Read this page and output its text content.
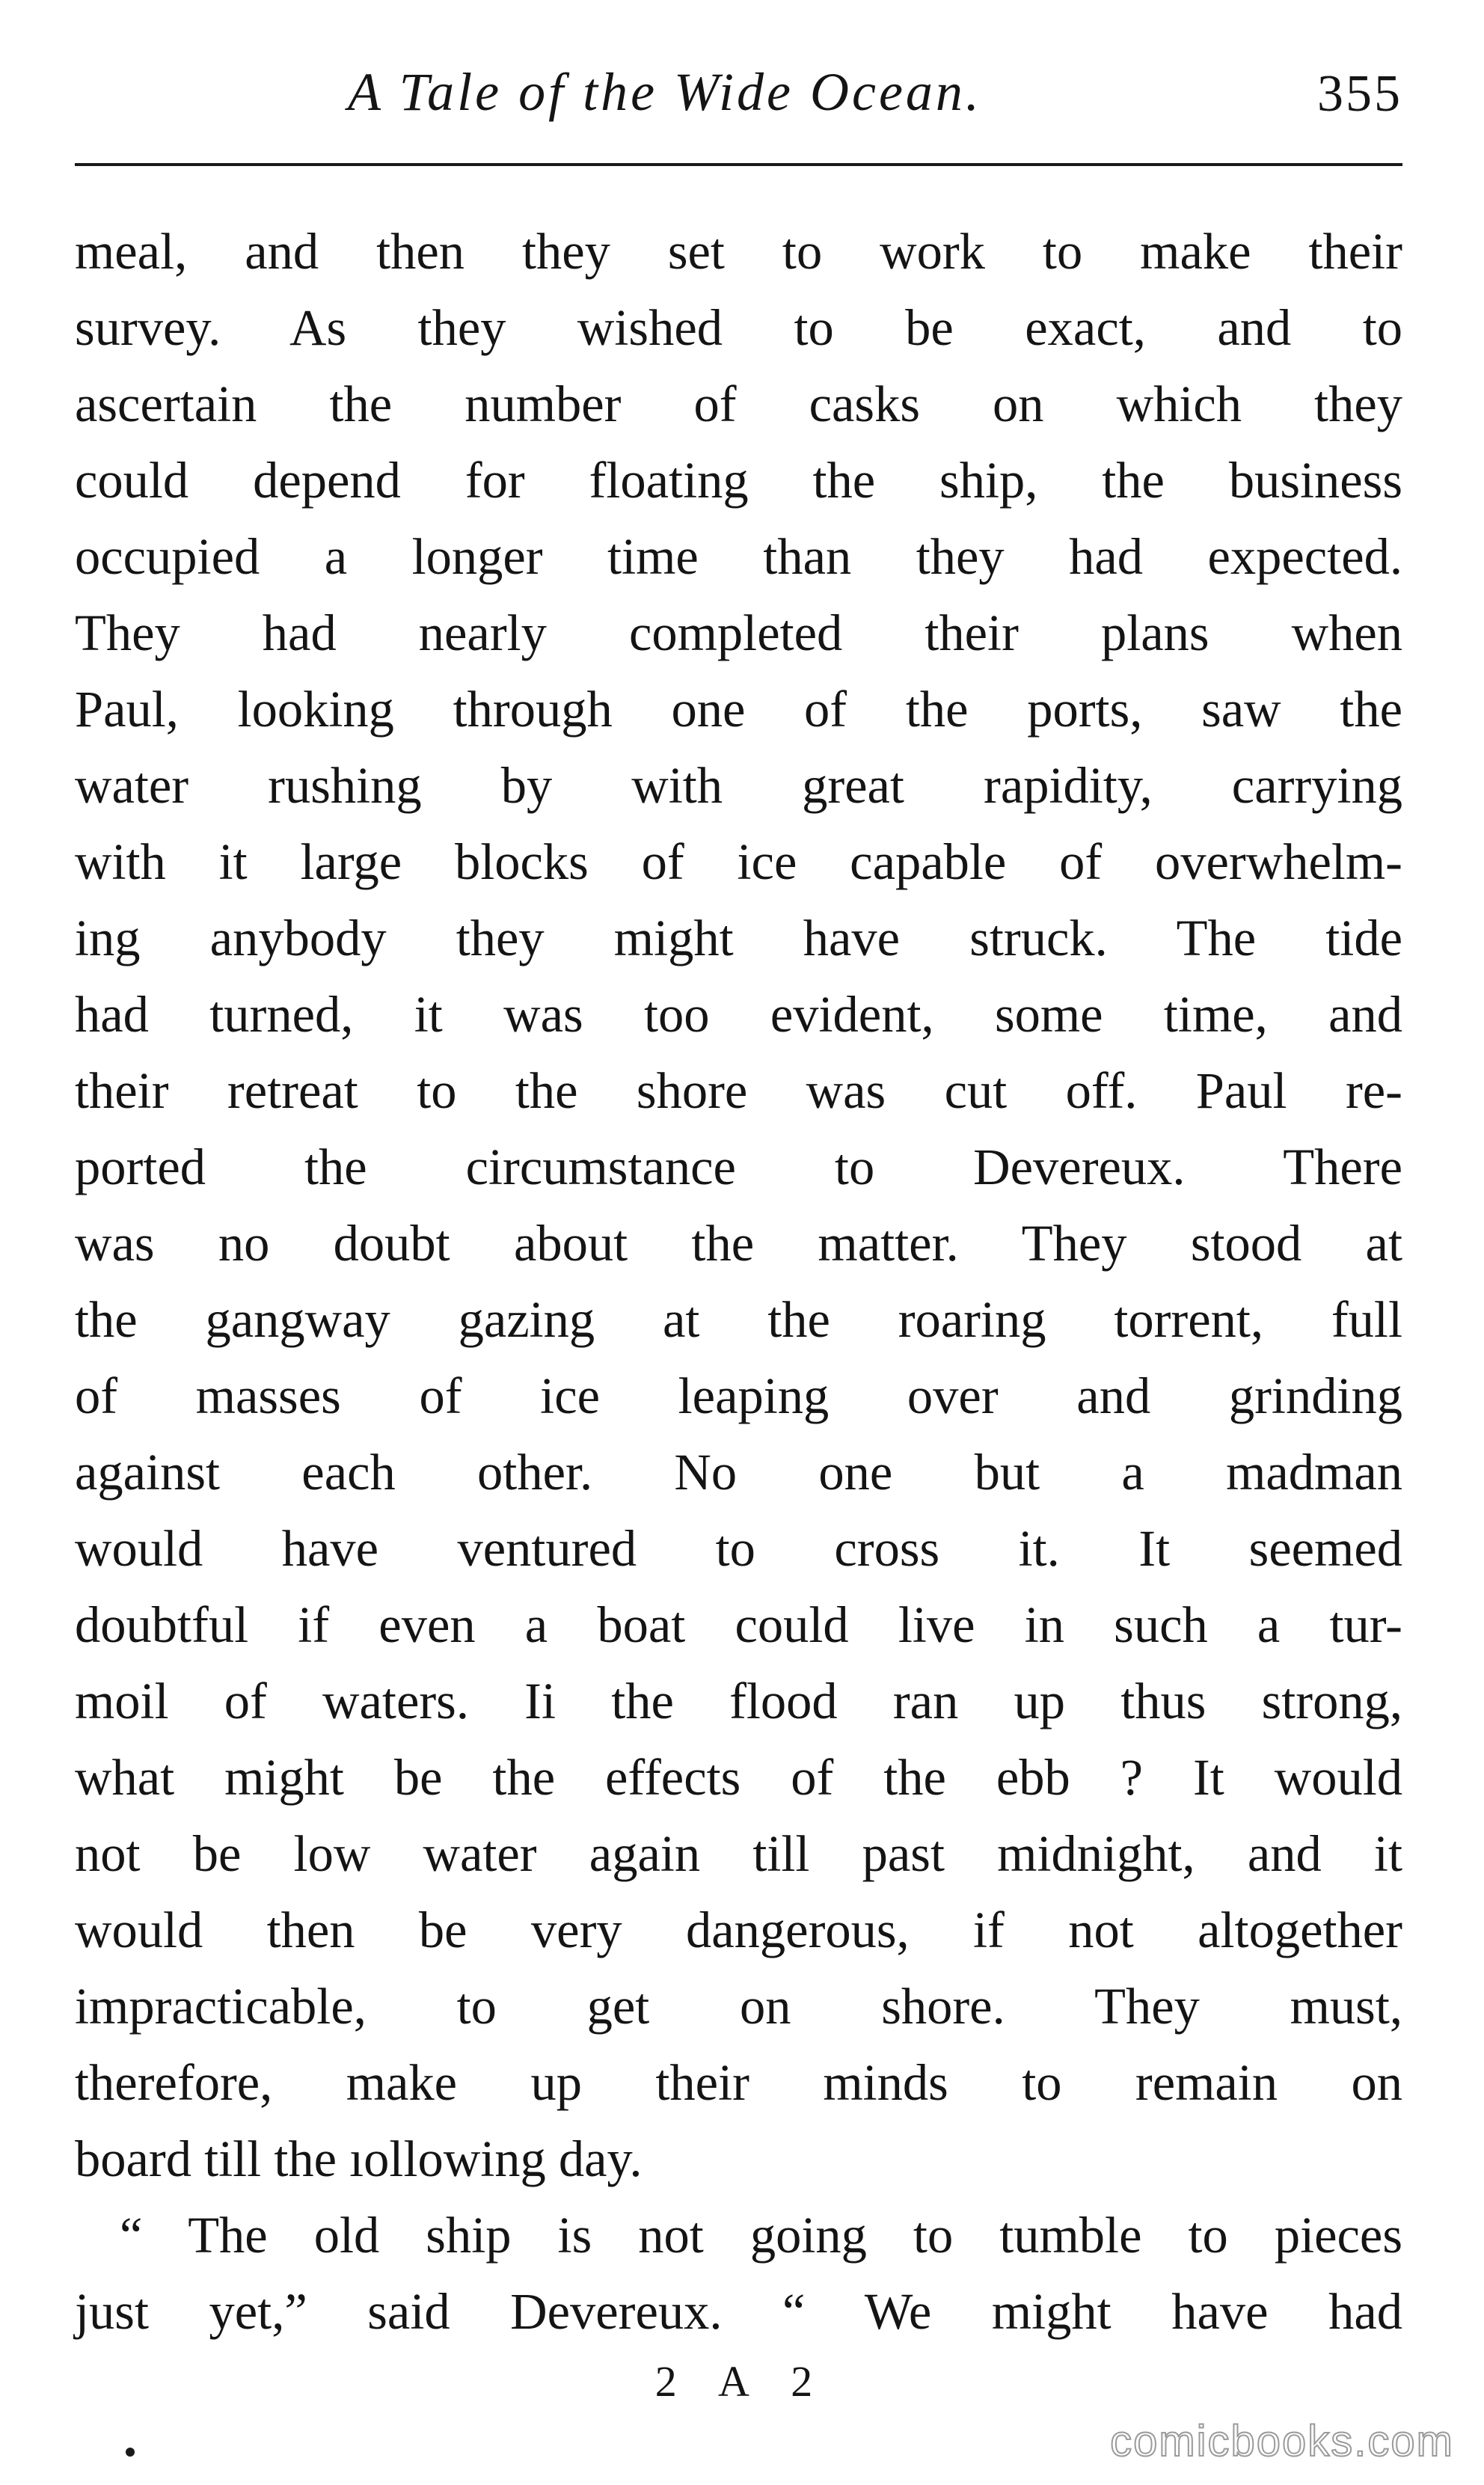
A Tale of the Wide Ocean.	355
meal, and then they set to work to make their
survey. As they wished to be exact, and to
ascertain the number of casks on which they
could depend for floating the ship, the business
occupied a longer time than they had expected.
They had nearly completed their plans when
Paul, looking through one of the ports, saw the
water rushing by with great rapidity, carrying
with it large blocks of ice capable of overwhelm-
ing anybody they might have struck. The tide
had turned, it was too evident, some time, and
their retreat to the shore was cut off. Paul re-
ported the circumstance to Devereux. There
was no doubt about the matter. They stood at
the gangway gazing at the roaring torrent, full
of masses of ice leaping over and grinding
against each other. No one but a madman
would have ventured to cross it. It seemed
doubtful if even a boat could live in such a tur-
moil of waters. Ii the flood ran up thus strong,
what might be the effects of the ebb ? It would
not be low water again till past midnight, and it
would then be very dangerous, if not altogether
impracticable, to get on shore. They must,
therefore, make up their minds to remain on
board till the ıollowing day.
“ The old ship is not going to tumble to pieces
just yet,” said Devereux. “ We might have had
2 A 2
comicbooks.com
